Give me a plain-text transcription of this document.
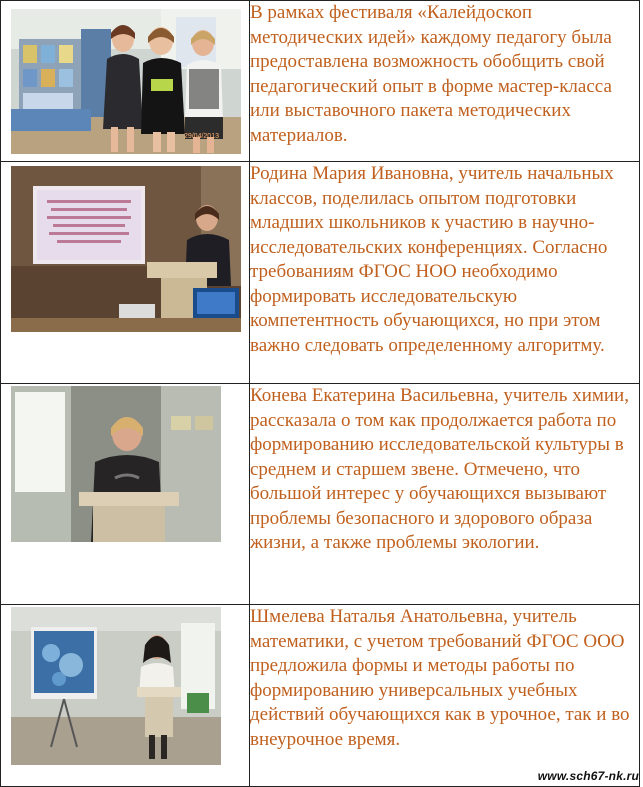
29/04/2013	В рамках фестиваля «Калейдоскоп методических идей» каждому педагогу была предоставлена возможность обобщить свой педагогический опыт в форме мастер-класса или выставочного пакета методических материалов.

	Родина Мария Ивановна, учитель начальных классов, поделилась опытом подготовки младших школьников к участию в научно-исследовательских конференциях. Согласно требованиям ФГОС НОО необходимо формировать исследовательскую компетентность обучающихся, но при этом важно следовать определенному алгоритму.

	Конева Екатерина Васильевна, учитель химии, рассказала о том как продолжается работа по формированию исследовательской культуры в среднем и старшем звене. Отмечено, что большой интерес у обучающихся вызывают проблемы безопасного и здорового образа жизни, а также проблемы экологии.

	Шмелева Наталья Анатольевна, учитель математики, с учетом требований ФГОС ООО предложила формы и методы работы по формированию универсальных учебных действий обучающихся как в урочное, так и во внеурочное время.
www.sch67-nk.ru
